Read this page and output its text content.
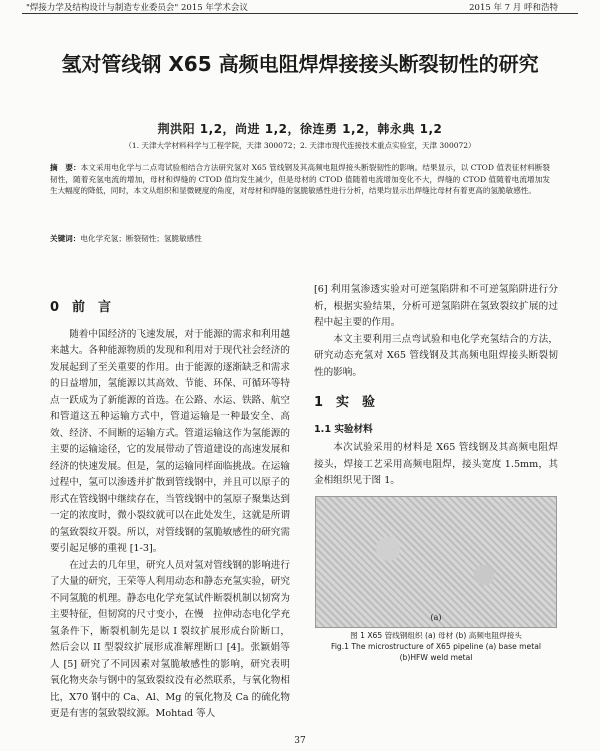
"焊接力学及结构设计与制造专业委员会" 2015 年学术会议	2015 年 7 月 呼和浩特
氢对管线钢 X65 高频电阻焊焊接接头断裂韧性的研究
荆洪阳 1,2，尚进 1,2，徐连勇 1,2，韩永典 1,2
（1. 天津大学材料科学与工程学院，天津 300072；2. 天津市现代连接技术重点实验室，天津 300072）
摘　要：本文采用电化学与二点弯试验相结合方法研究氢对 X65 管线钢及其高频电阻焊接头断裂韧性的影响。结果显示，以 CTOD 值表征材料断裂韧性，随着充氢电流的增加，母材和焊缝的 CTOD 值均发生减少，但是母材的 CTOD 值随着电流增加变化不大，焊缝的 CTOD 值随着电流增加发生大幅度的降低，同时，本文从组织和显微硬度的角度，对母材和焊缝的氢脆敏感性进行分析，结果均显示出焊缝比母材有着更高的氢脆敏感性。
关键词：电化学充氢；断裂韧性；氢脆敏感性
0　前　言

随着中国经济的飞速发展，对于能源的需求和利用越来越大。各种能源物质的发现和利用对于现代社会经济的发展起到了至关重要的作用。由于能源的逐渐缺乏和需求的日益增加，氢能源以其高效、节能、环保、可循环等特点一跃成为了新能源的首选。在公路、水运、铁路、航空和管道这五种运输方式中，管道运输是一种最安全、高效、经济、不间断的运输方式。管道运输这作为氢能源的主要的运输途径，它的发展带动了管道建设的高速发展和经济的快速发展。但是，氢的运输同样面临挑战。在运输过程中，氢可以渗透并扩散到管线钢中，并且可以原子的形式在管线钢中继续存在，当管线钢中的氢原子聚集达到一定的浓度时，微小裂纹就可以在此处发生，这就是所谓的氢致裂纹开裂。所以，对管线钢的氢脆敏感性的研究需要引起足够的重视 [1-3]。

在过去的几年里，研究人员对氢对管线钢的影响进行了大量的研究，王荣等人利用动态和静态充氢实验，研究不同氢脆的机理。静态电化学充氢试件断裂机制以韧窝为主要特征，但韧窝的尺寸变小，在慢　拉伸动态电化学充氢条件下，断裂机制先是以 I 裂纹扩展形成台阶断口，然后会以 II 型裂纹扩展形成准解理断口 [4]。张颖娟等人 [5] 研究了不同因素对氢脆敏感性的影响，研究表明氧化物夹杂与钢中的氢致裂纹没有必然联系，与氧化物相比，X70 钢中的 Ca、Al、Mg 的氧化物及 Ca 的硫化物更是有害的氢致裂纹源。Mohtad 等人

[6] 利用氢渗透实验对可逆氢陷阱和不可逆氢陷阱进行分析，根据实验结果，分析可逆氢陷阱在氢致裂纹扩展的过程中起主要的作用。

本文主要利用三点弯试验和电化学充氢结合的方法，研究动态充氢对 X65 管线钢及其高频电阻焊接头断裂韧性的影响。

1　实　验
1.1 实验材料

本次试验采用的材料是 X65 管线钢及其高频电阻焊接头，焊接工艺采用高频电阻焊，接头宽度 1.5mm，其金相组织见于图 1。

(a)
图 1 X65 管线钢组织 (a) 母材 (b) 高频电阻焊接头
Fig.1 The microstructure of X65 pipeline (a) base metal
(b)HFW weld metal
37
